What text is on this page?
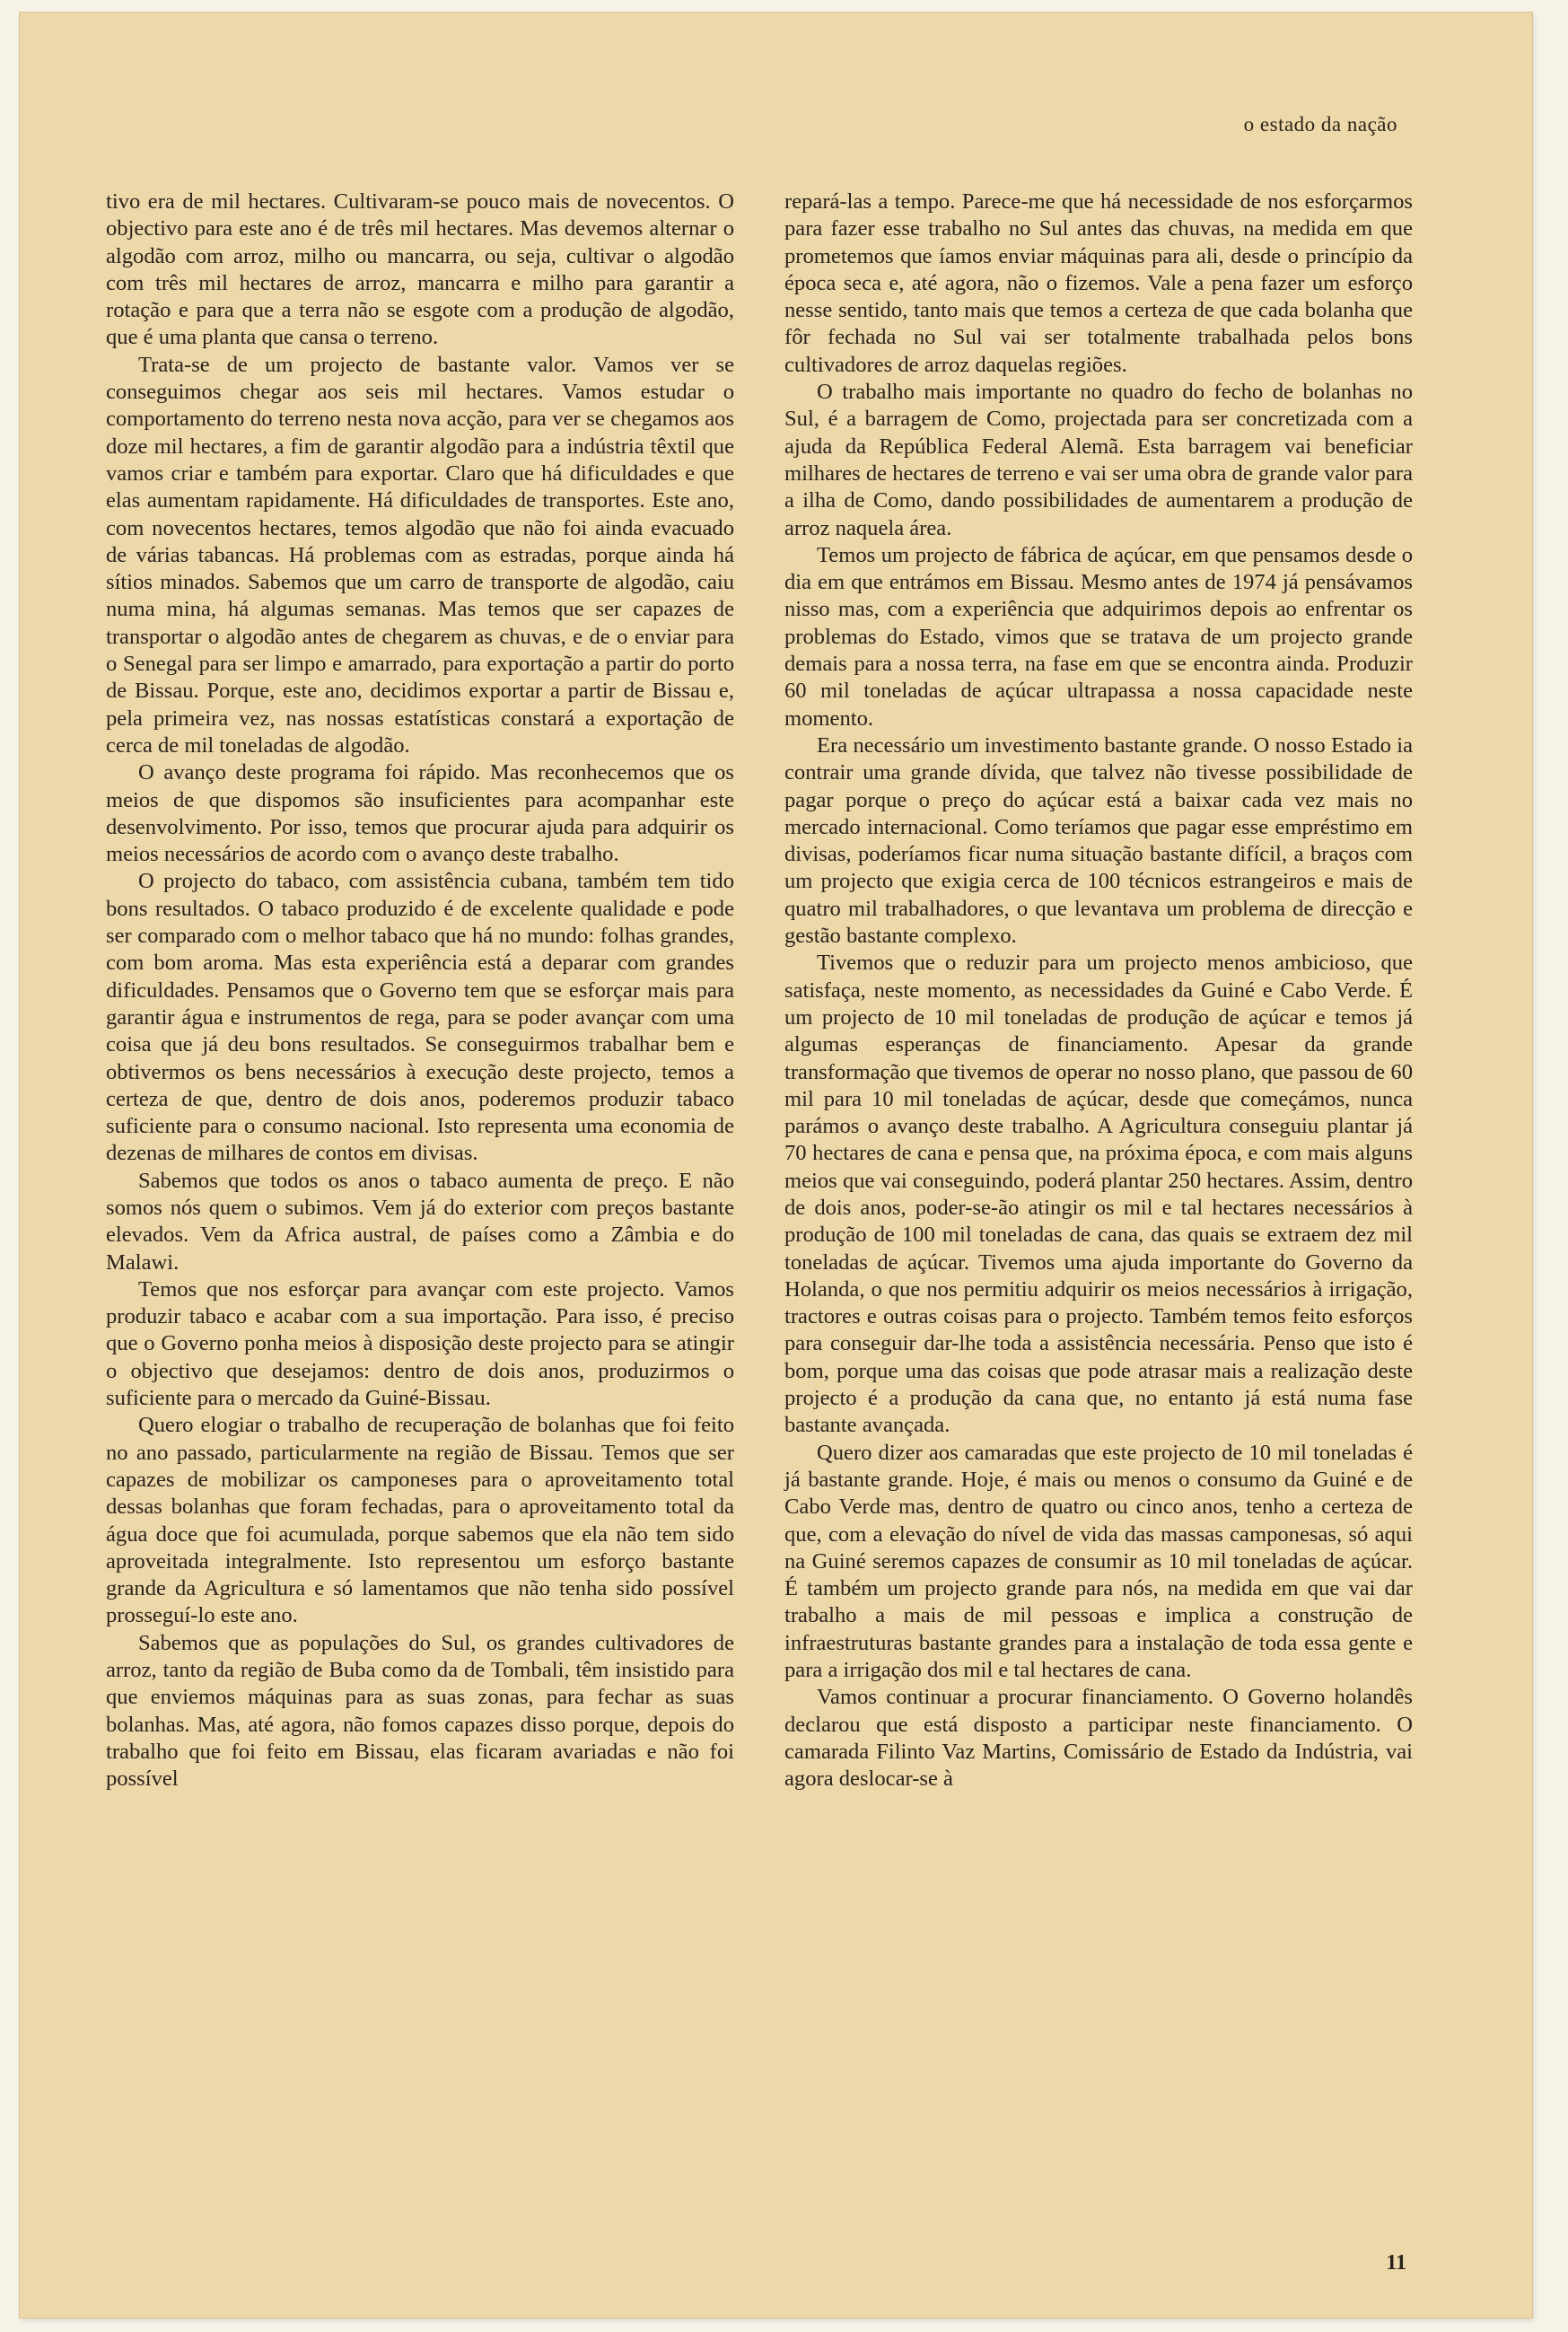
o estado da nação

tivo era de mil hectares. Cultivaram-se pouco mais de novecentos. O objectivo para este ano é de três mil hectares. Mas devemos alternar o algodão com arroz, milho ou mancarra, ou seja, cultivar o algodão com três mil hectares de arroz, mancarra e milho para garantir a rotação e para que a terra não se esgote com a produção de algodão, que é uma planta que cansa o terreno.

Trata-se de um projecto de bastante valor. Vamos ver se conseguimos chegar aos seis mil hectares. Vamos estudar o comportamento do terreno nesta nova acção, para ver se chegamos aos doze mil hectares, a fim de garantir algodão para a indústria têxtil que vamos criar e também para exportar. Claro que há dificuldades e que elas aumentam rapidamente. Há dificuldades de transportes. Este ano, com novecentos hectares, temos algodão que não foi ainda evacuado de várias tabancas. Há problemas com as estradas, porque ainda há sítios minados. Sabemos que um carro de transporte de algodão, caiu numa mina, há algumas semanas. Mas temos que ser capazes de transportar o algodão antes de chegarem as chuvas, e de o enviar para o Senegal para ser limpo e amarrado, para exportação a partir do porto de Bissau. Porque, este ano, decidimos exportar a partir de Bissau e, pela primeira vez, nas nossas estatísticas constará a exportação de cerca de mil toneladas de algodão.

O avanço deste programa foi rápido. Mas reconhecemos que os meios de que dispomos são insuficientes para acompanhar este desenvolvimento. Por isso, temos que procurar ajuda para adquirir os meios necessários de acordo com o avanço deste trabalho.

O projecto do tabaco, com assistência cubana, também tem tido bons resultados. O tabaco produzido é de excelente qualidade e pode ser comparado com o melhor tabaco que há no mundo: folhas grandes, com bom aroma. Mas esta experiência está a deparar com grandes dificuldades. Pensamos que o Governo tem que se esforçar mais para garantir água e instrumentos de rega, para se poder avançar com uma coisa que já deu bons resultados. Se conseguirmos trabalhar bem e obtivermos os bens necessários à execução deste projecto, temos a certeza de que, dentro de dois anos, poderemos produzir tabaco suficiente para o consumo nacional. Isto representa uma economia de dezenas de milhares de contos em divisas.

Sabemos que todos os anos o tabaco aumenta de preço. E não somos nós quem o subimos. Vem já do exterior com preços bastante elevados. Vem da Africa austral, de países como a Zâmbia e do Malawi.

Temos que nos esforçar para avançar com este projecto. Vamos produzir tabaco e acabar com a sua importação. Para isso, é preciso que o Governo ponha meios à disposição deste projecto para se atingir o objectivo que desejamos: dentro de dois anos, produzirmos o suficiente para o mercado da Guiné-Bissau.

Quero elogiar o trabalho de recuperação de bolanhas que foi feito no ano passado, particularmente na região de Bissau. Temos que ser capazes de mobilizar os camponeses para o aproveitamento total dessas bolanhas que foram fechadas, para o aproveitamento total da água doce que foi acumulada, porque sabemos que ela não tem sido aproveitada integralmente. Isto representou um esforço bastante grande da Agricultura e só lamentamos que não tenha sido possível prosseguí-lo este ano.

Sabemos que as populações do Sul, os grandes cultivadores de arroz, tanto da região de Buba como da de Tombali, têm insistido para que enviemos máquinas para as suas zonas, para fechar as suas bolanhas. Mas, até agora, não fomos capazes disso porque, depois do trabalho que foi feito em Bissau, elas ficaram avariadas e não foi possível

repará-las a tempo. Parece-me que há necessidade de nos esforçarmos para fazer esse trabalho no Sul antes das chuvas, na medida em que prometemos que íamos enviar máquinas para ali, desde o princípio da época seca e, até agora, não o fizemos. Vale a pena fazer um esforço nesse sentido, tanto mais que temos a certeza de que cada bolanha que fôr fechada no Sul vai ser totalmente trabalhada pelos bons cultivadores de arroz daquelas regiões.

O trabalho mais importante no quadro do fecho de bolanhas no Sul, é a barragem de Como, projectada para ser concretizada com a ajuda da República Federal Alemã. Esta barragem vai beneficiar milhares de hectares de terreno e vai ser uma obra de grande valor para a ilha de Como, dando possibilidades de aumentarem a produção de arroz naquela área.

Temos um projecto de fábrica de açúcar, em que pensamos desde o dia em que entrámos em Bissau. Mesmo antes de 1974 já pensávamos nisso mas, com a experiência que adquirimos depois ao enfrentar os problemas do Estado, vimos que se tratava de um projecto grande demais para a nossa terra, na fase em que se encontra ainda. Produzir 60 mil toneladas de açúcar ultrapassa a nossa capacidade neste momento.

Era necessário um investimento bastante grande. O nosso Estado ia contrair uma grande dívida, que talvez não tivesse possibilidade de pagar porque o preço do açúcar está a baixar cada vez mais no mercado internacional. Como teríamos que pagar esse empréstimo em divisas, poderíamos ficar numa situação bastante difícil, a braços com um projecto que exigia cerca de 100 técnicos estrangeiros e mais de quatro mil trabalhadores, o que levantava um problema de direcção e gestão bastante complexo.

Tivemos que o reduzir para um projecto menos ambicioso, que satisfaça, neste momento, as necessidades da Guiné e Cabo Verde. É um projecto de 10 mil toneladas de produção de açúcar e temos já algumas esperanças de financiamento. Apesar da grande transformação que tivemos de operar no nosso plano, que passou de 60 mil para 10 mil toneladas de açúcar, desde que começámos, nunca parámos o avanço deste trabalho. A Agricultura conseguiu plantar já 70 hectares de cana e pensa que, na próxima época, e com mais alguns meios que vai conseguindo, poderá plantar 250 hectares. Assim, dentro de dois anos, poder-se-ão atingir os mil e tal hectares necessários à produção de 100 mil toneladas de cana, das quais se extraem dez mil toneladas de açúcar. Tivemos uma ajuda importante do Governo da Holanda, o que nos permitiu adquirir os meios necessários à irrigação, tractores e outras coisas para o projecto. Também temos feito esforços para conseguir dar-lhe toda a assistência necessária. Penso que isto é bom, porque uma das coisas que pode atrasar mais a realização deste projecto é a produção da cana que, no entanto já está numa fase bastante avançada.

Quero dizer aos camaradas que este projecto de 10 mil toneladas é já bastante grande. Hoje, é mais ou menos o consumo da Guiné e de Cabo Verde mas, dentro de quatro ou cinco anos, tenho a certeza de que, com a elevação do nível de vida das massas camponesas, só aqui na Guiné seremos capazes de consumir as 10 mil toneladas de açúcar. É também um projecto grande para nós, na medida em que vai dar trabalho a mais de mil pessoas e implica a construção de infraestruturas bastante grandes para a instalação de toda essa gente e para a irrigação dos mil e tal hectares de cana.

Vamos continuar a procurar financiamento. O Governo holandês declarou que está disposto a participar neste financiamento. O camarada Filinto Vaz Martins, Comissário de Estado da Indústria, vai agora deslocar-se à

11
